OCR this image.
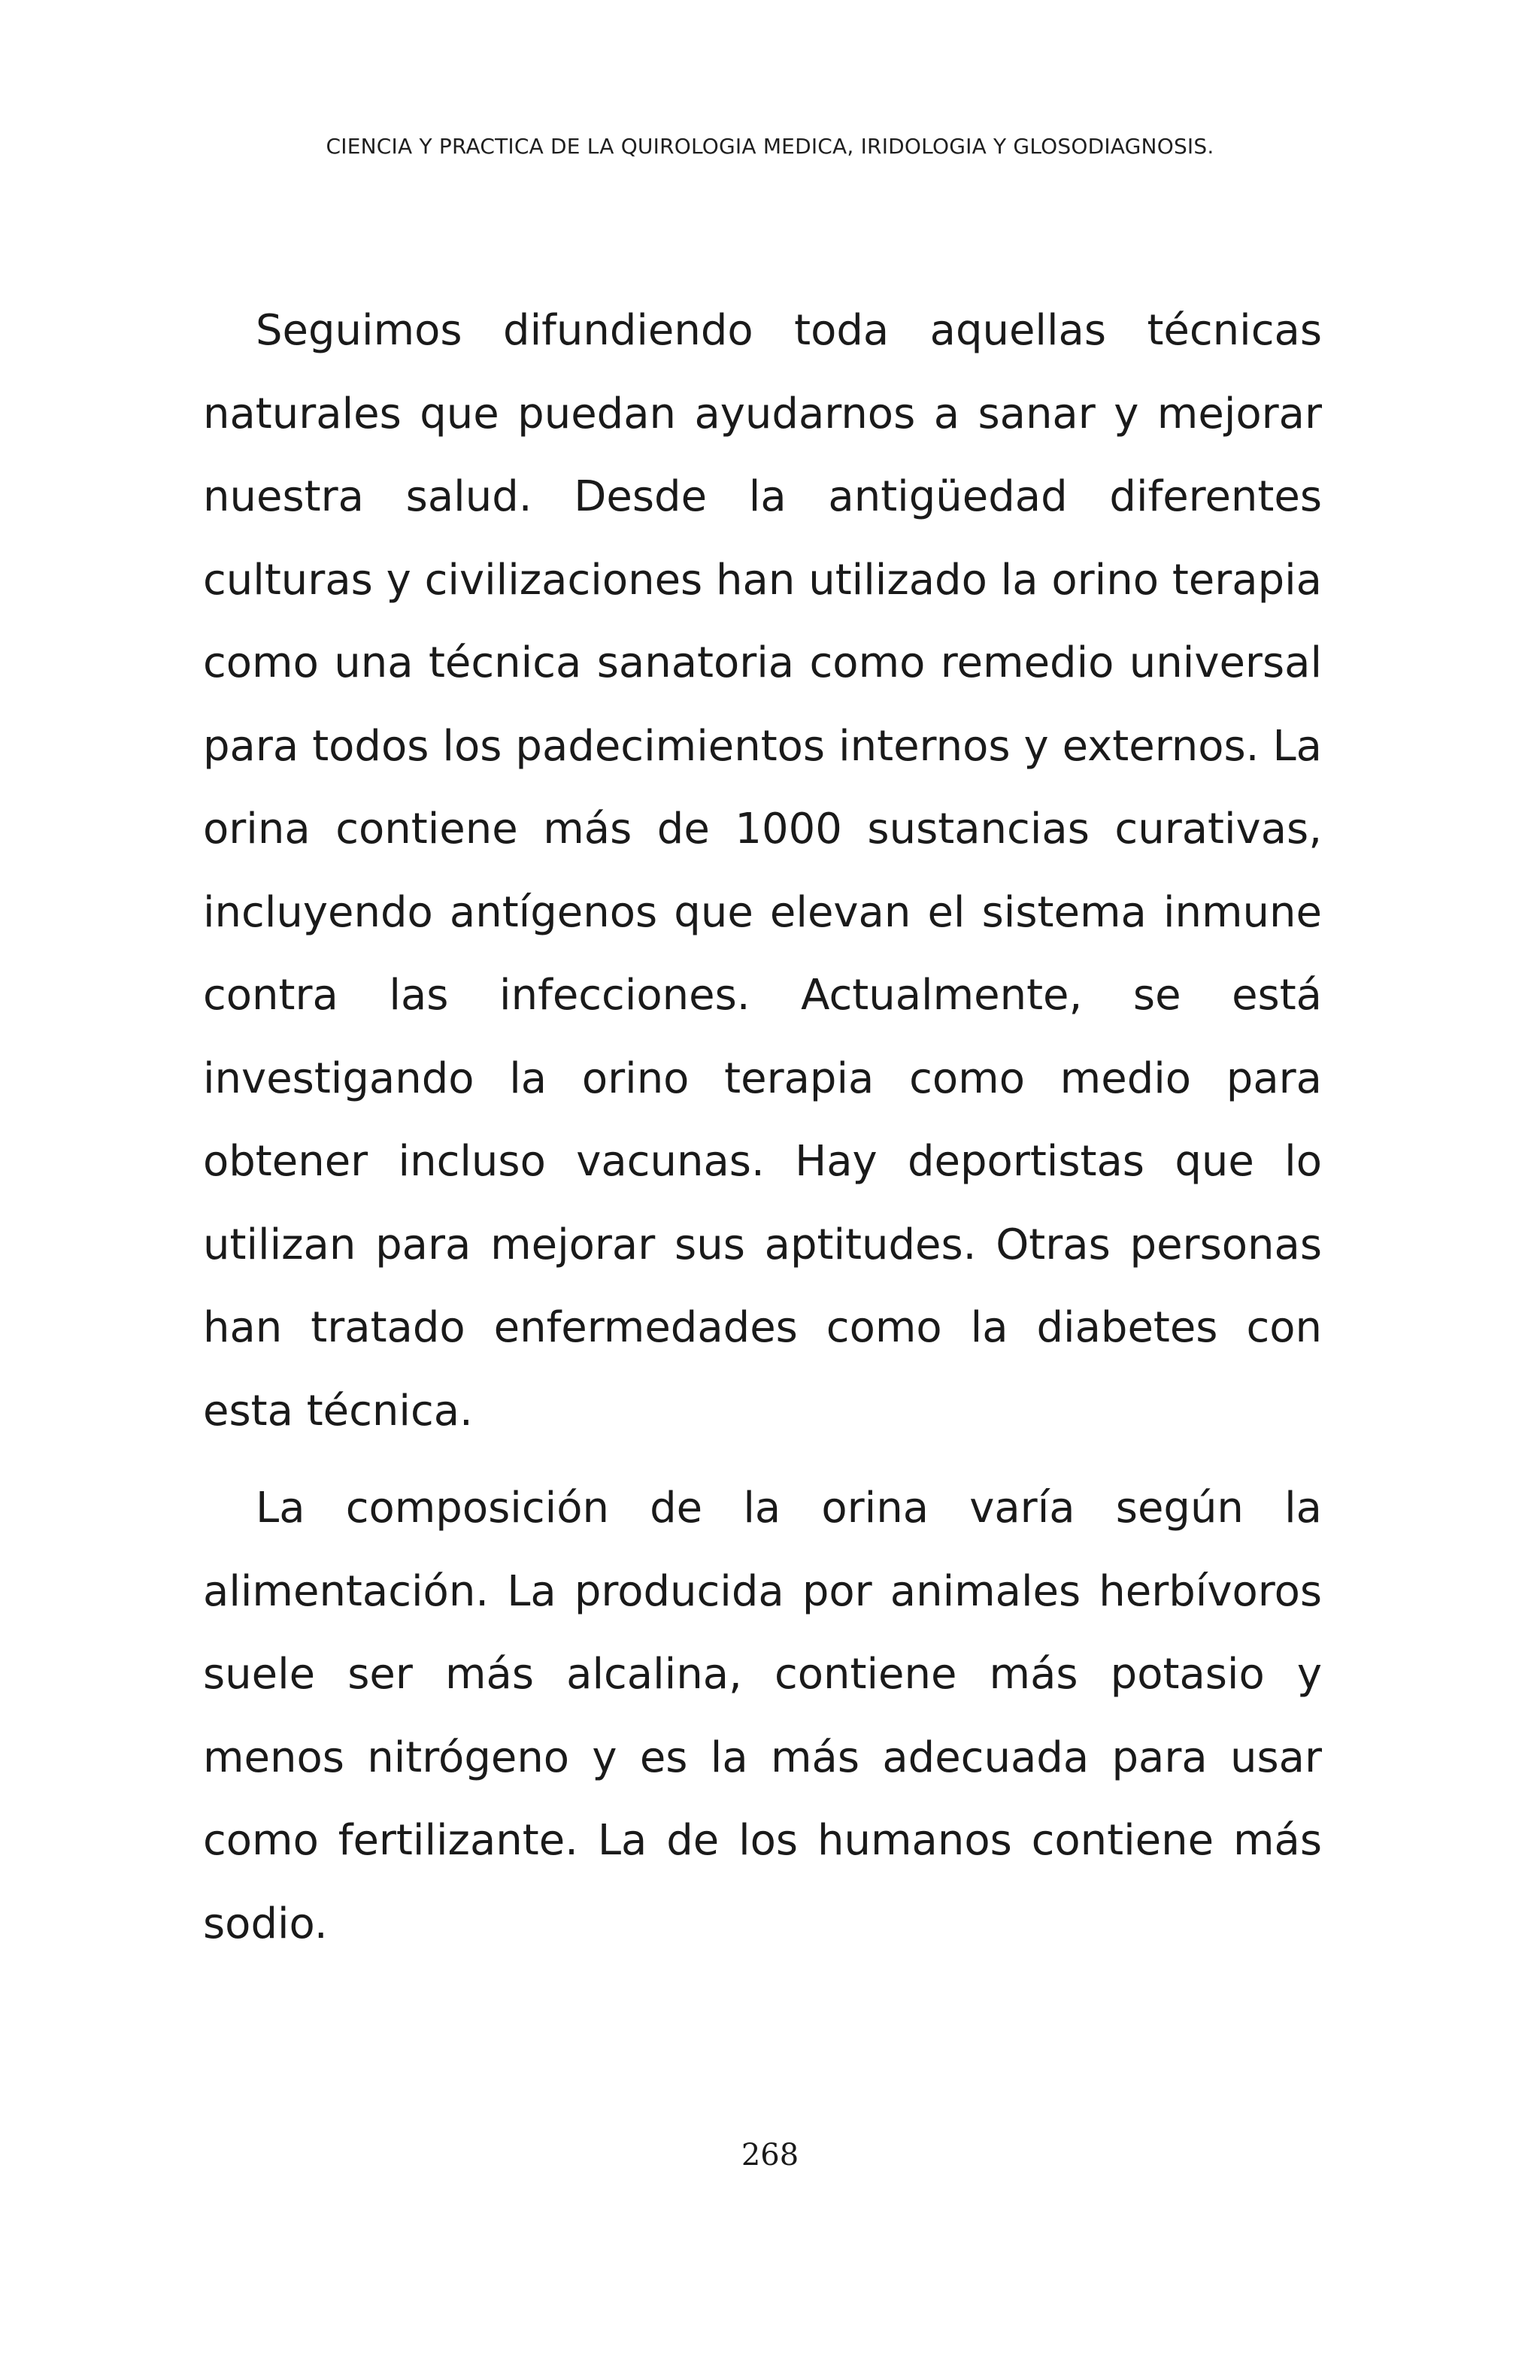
CIENCIA Y PRACTICA DE LA QUIROLOGIA MEDICA, IRIDOLOGIA Y GLOSODIAGNOSIS.

Seguimos difundiendo toda aquellas técnicas naturales que puedan ayudarnos a sanar y mejorar nuestra salud. Desde la antigüedad diferentes culturas y civilizaciones han utilizado la orino terapia como una técnica sanatoria como remedio universal para todos los padecimientos internos y externos. La orina contiene más de 1000 sustancias curativas, incluyendo antígenos que elevan el sistema inmune contra las infecciones. Actualmente, se está investigando la orino terapia como medio para obtener incluso vacunas. Hay deportistas que lo utilizan para mejorar sus aptitudes. Otras personas han tratado enfermedades como la diabetes con esta técnica.

La composición de la orina varía según la alimentación. La producida por animales herbívoros suele ser más alcalina, contiene más potasio y menos nitrógeno y es la más adecuada para usar como fertilizante. La de los humanos contiene más sodio.

268
